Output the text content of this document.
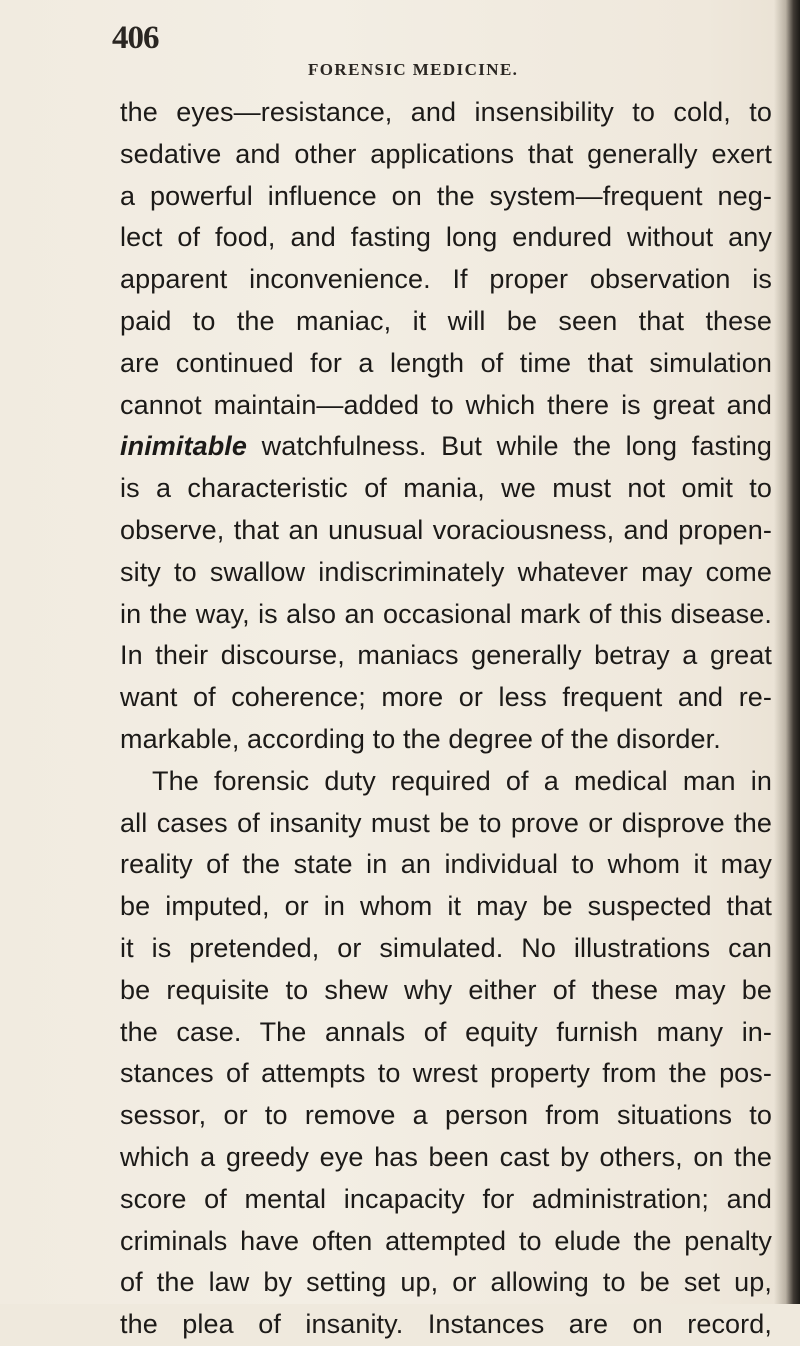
406
FORENSIC MEDICINE.
the eyes—resistance, and insensibility to cold, to
sedative and other applications that generally exert
a powerful influence on the system—frequent neg-
lect of food, and fasting long endured without any
apparent inconvenience. If proper observation is
paid to the maniac, it will be seen that these
are continued for a length of time that simulation
cannot maintain—added to which there is great and
inimitable watchfulness. But while the long fasting
is a characteristic of mania, we must not omit to
observe, that an unusual voraciousness, and propen-
sity to swallow indiscriminately whatever may come
in the way, is also an occasional mark of this disease.
In their discourse, maniacs generally betray a great
want of coherence; more or less frequent and re-
markable, according to the degree of the disorder.
The forensic duty required of a medical man in
all cases of insanity must be to prove or disprove the
reality of the state in an individual to whom it may
be imputed, or in whom it may be suspected that
it is pretended, or simulated. No illustrations can
be requisite to shew why either of these may be
the case. The annals of equity furnish many in-
stances of attempts to wrest property from the pos-
sessor, or to remove a person from situations to
which a greedy eye has been cast by others, on the
score of mental incapacity for administration; and
criminals have often attempted to elude the penalty
of the law by setting up, or allowing to be set up,
the plea of insanity. Instances are on record,
